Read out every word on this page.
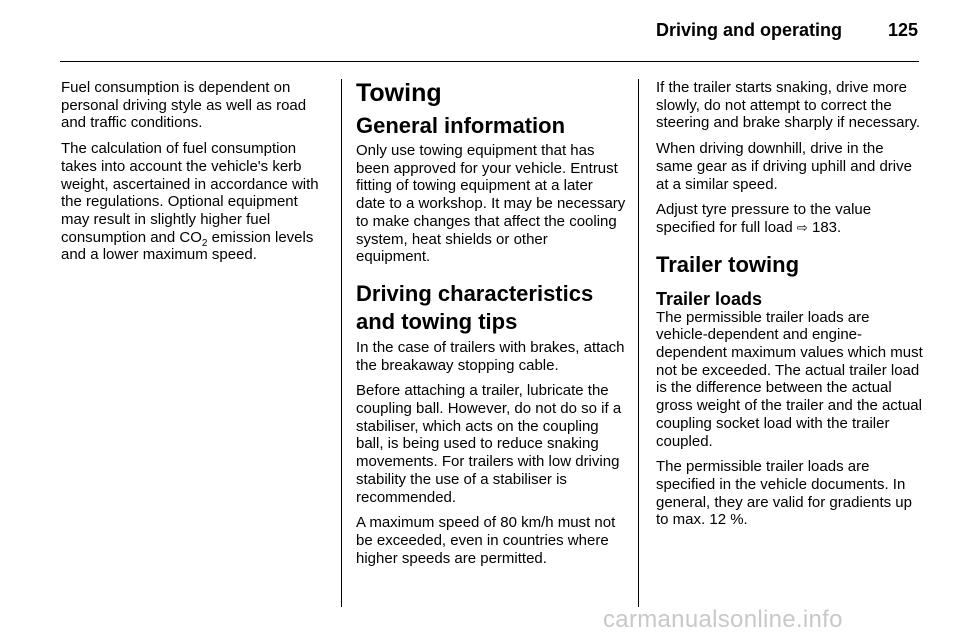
Driving and operating	125

Fuel consumption is dependent on personal driving style as well as road and traffic conditions.

The calculation of fuel consumption takes into account the vehicle's kerb weight, ascertained in accordance with the regulations. Optional equipment may result in slightly higher fuel consumption and $CO_2$ emission levels and a lower maximum speed.

Towing
General information

Only use towing equipment that has been approved for your vehicle. Entrust fitting of towing equipment at a later date to a workshop. It may be necessary to make changes that affect the cooling system, heat shields or other equipment.

Driving characteristics and towing tips

In the case of trailers with brakes, attach the breakaway stopping cable.

Before attaching a trailer, lubricate the coupling ball. However, do not do so if a stabiliser, which acts on the coupling ball, is being used to reduce snaking movements. For trailers with low driving stability the use of a stabiliser is recommended.

A maximum speed of 80 km/h must not be exceeded, even in countries where higher speeds are permitted.

If the trailer starts snaking, drive more slowly, do not attempt to correct the steering and brake sharply if necessary.

When driving downhill, drive in the same gear as if driving uphill and drive at a similar speed.

Adjust tyre pressure to the value specified for full load ⇨ 183.

Trailer towing
Trailer loads

The permissible trailer loads are vehicle-dependent and engine-dependent maximum values which must not be exceeded. The actual trailer load is the difference between the actual gross weight of the trailer and the actual coupling socket load with the trailer coupled.

The permissible trailer loads are specified in the vehicle documents. In general, they are valid for gradients up to max. 12 %.

carmanualsonline.info
